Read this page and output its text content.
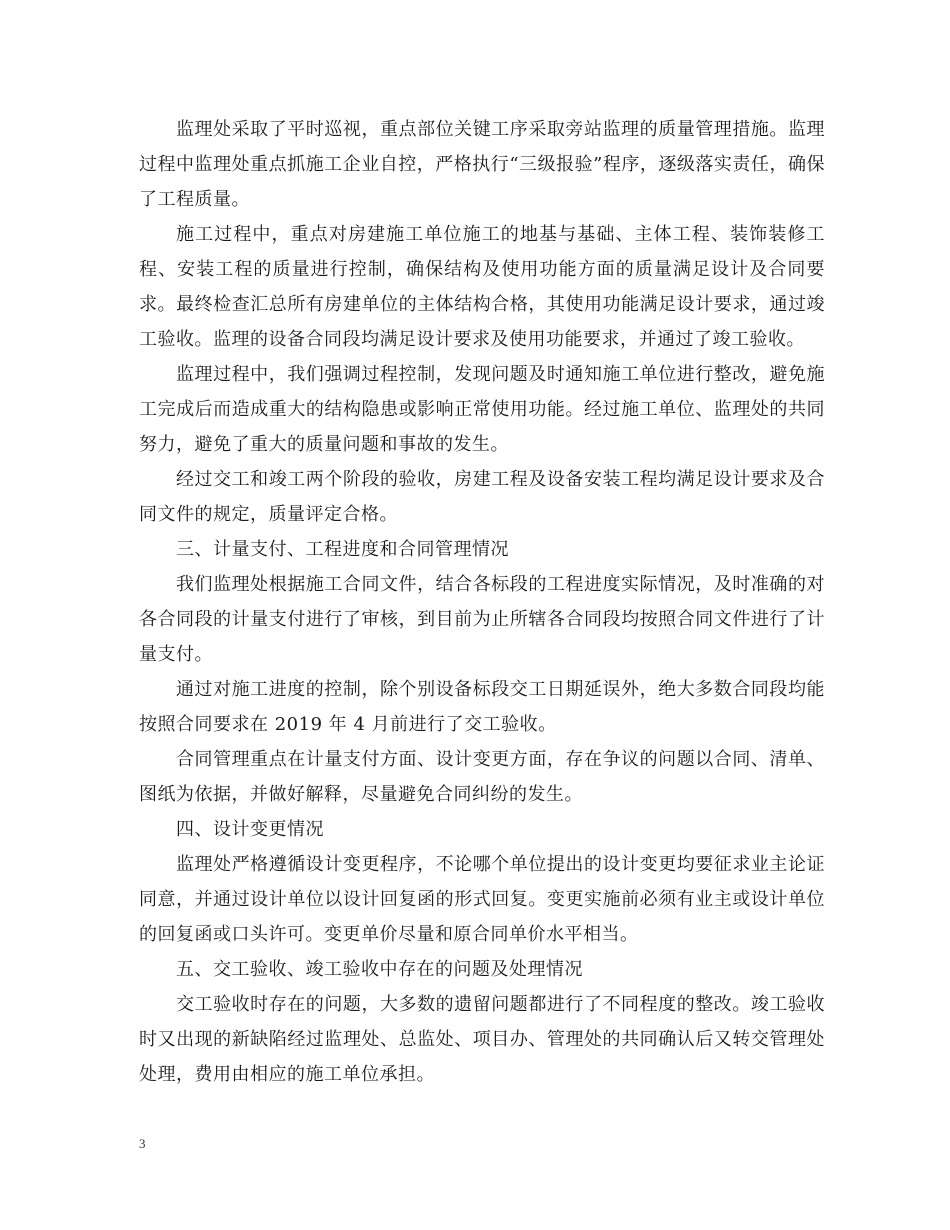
监理处采取了平时巡视，重点部位关键工序采取旁站监理的质量管理措施。监理过程中监理处重点抓施工企业自控，严格执行“三级报验”程序，逐级落实责任，确保了工程质量。

施工过程中，重点对房建施工单位施工的地基与基础、主体工程、装饰装修工程、安装工程的质量进行控制，确保结构及使用功能方面的质量满足设计及合同要求。最终检查汇总所有房建单位的主体结构合格，其使用功能满足设计要求，通过竣工验收。监理的设备合同段均满足设计要求及使用功能要求，并通过了竣工验收。

监理过程中，我们强调过程控制，发现问题及时通知施工单位进行整改，避免施工完成后而造成重大的结构隐患或影响正常使用功能。经过施工单位、监理处的共同努力，避免了重大的质量问题和事故的发生。

经过交工和竣工两个阶段的验收，房建工程及设备安装工程均满足设计要求及合同文件的规定，质量评定合格。

三、计量支付、工程进度和合同管理情况

我们监理处根据施工合同文件，结合各标段的工程进度实际情况，及时准确的对各合同段的计量支付进行了审核，到目前为止所辖各合同段均按照合同文件进行了计量支付。

通过对施工进度的控制，除个别设备标段交工日期延误外，绝大多数合同段均能按照合同要求在 2019 年 4 月前进行了交工验收。

合同管理重点在计量支付方面、设计变更方面，存在争议的问题以合同、清单、图纸为依据，并做好解释，尽量避免合同纠纷的发生。

四、设计变更情况

监理处严格遵循设计变更程序，不论哪个单位提出的设计变更均要征求业主论证同意，并通过设计单位以设计回复函的形式回复。变更实施前必须有业主或设计单位的回复函或口头许可。变更单价尽量和原合同单价水平相当。

五、交工验收、竣工验收中存在的问题及处理情况

交工验收时存在的问题，大多数的遗留问题都进行了不同程度的整改。竣工验收时又出现的新缺陷经过监理处、总监处、项目办、管理处的共同确认后又转交管理处处理，费用由相应的施工单位承担。

3
